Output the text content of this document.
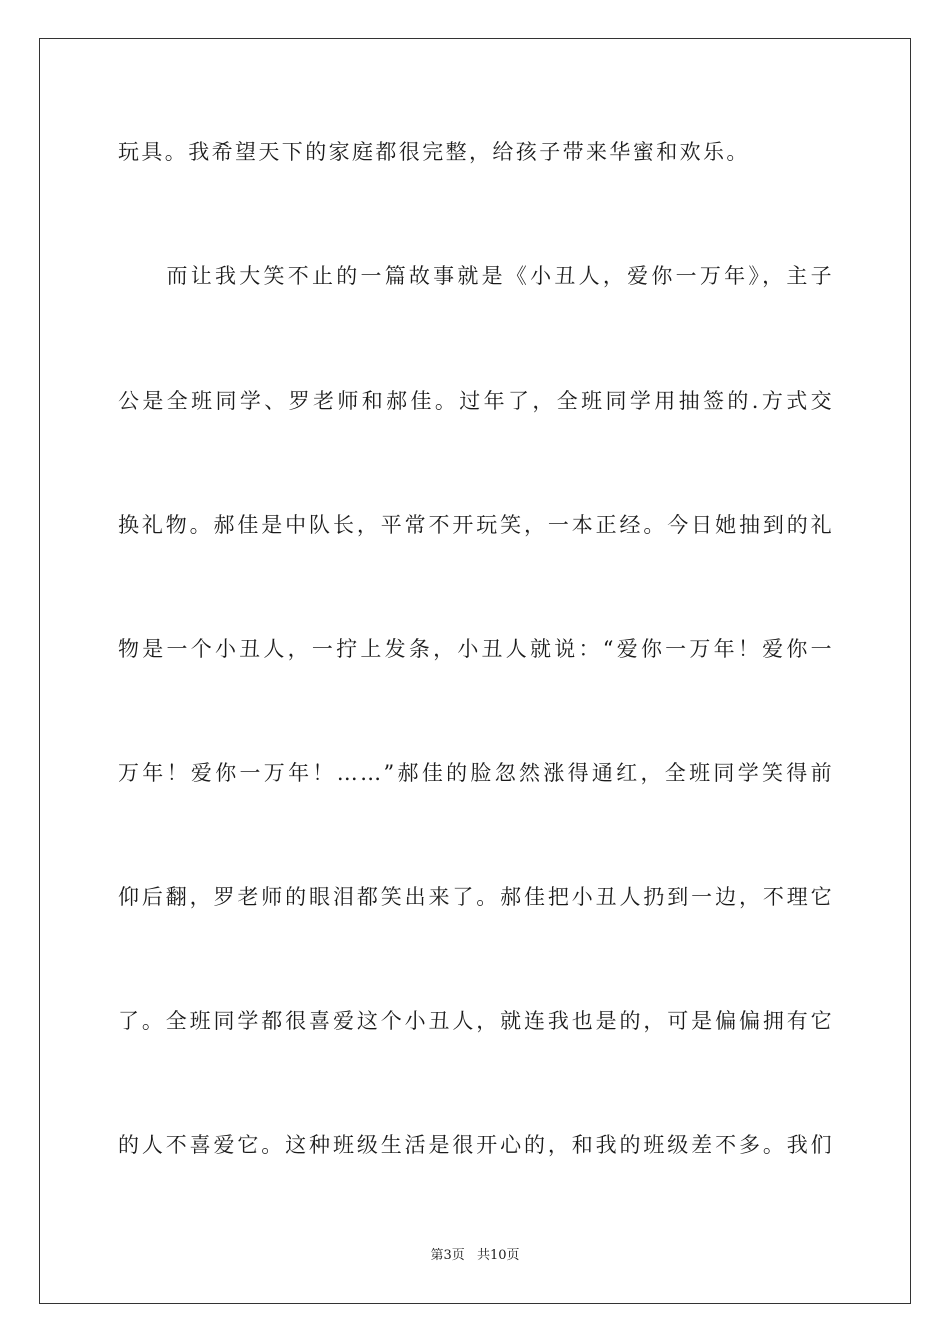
玩具。我希望天下的家庭都很完整，给孩子带来华蜜和欢乐。
　　而让我大笑不止的一篇故事就是《小丑人，爱你一万年》，主子
公是全班同学、罗老师和郝佳。过年了，全班同学用抽签的.方式交
换礼物。郝佳是中队长，平常不开玩笑，一本正经。今日她抽到的礼
物是一个小丑人，一拧上发条，小丑人就说：“爱你一万年！爱你一
万年！爱你一万年！……”郝佳的脸忽然涨得通红，全班同学笑得前
仰后翻，罗老师的眼泪都笑出来了。郝佳把小丑人扔到一边，不理它
了。全班同学都很喜爱这个小丑人，就连我也是的，可是偏偏拥有它
的人不喜爱它。这种班级生活是很开心的，和我的班级差不多。我们
第3页 共10页
